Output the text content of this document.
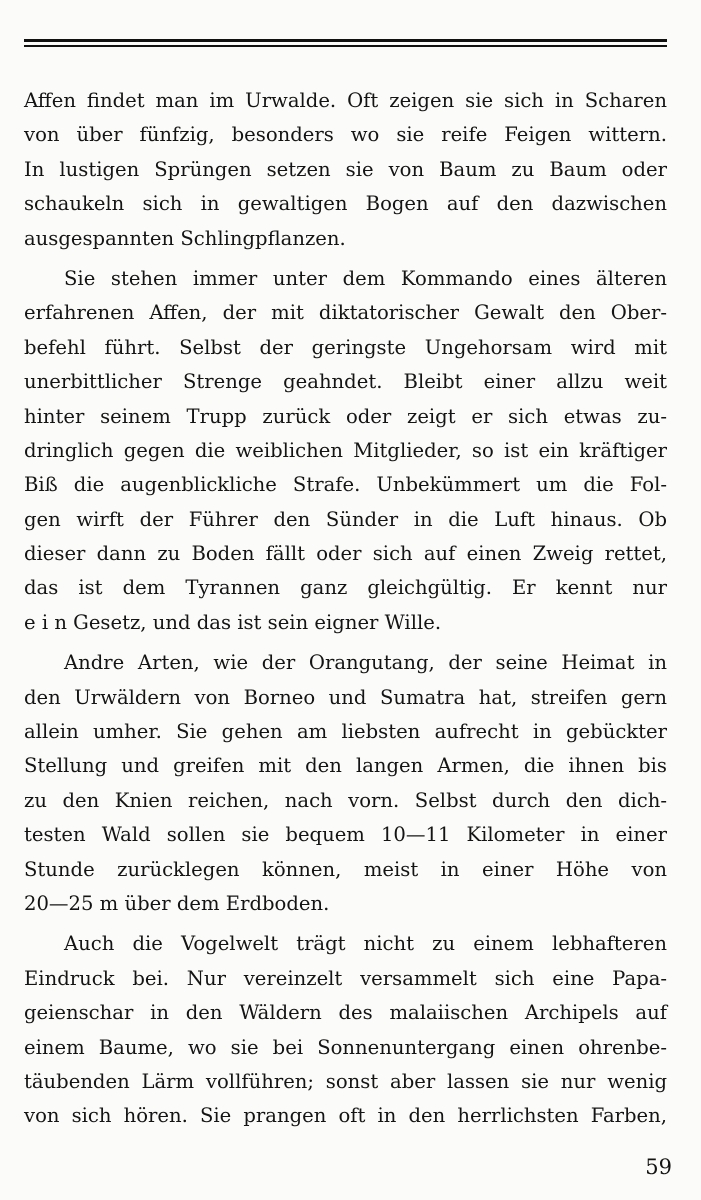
Affen findet man im Urwalde. Oft zeigen sie sich in Scharen
von über fünfzig, besonders wo sie reife Feigen wittern.
In lustigen Sprüngen setzen sie von Baum zu Baum oder
schaukeln sich in gewaltigen Bogen auf den dazwischen
ausgespannten Schlingpflanzen.
Sie stehen immer unter dem Kommando eines älteren
erfahrenen Affen, der mit diktatorischer Gewalt den Ober-
befehl führt. Selbst der geringste Ungehorsam wird mit
unerbittlicher Strenge geahndet. Bleibt einer allzu weit
hinter seinem Trupp zurück oder zeigt er sich etwas zu-
dringlich gegen die weiblichen Mitglieder, so ist ein kräftiger
Biß die augenblickliche Strafe. Unbekümmert um die Fol-
gen wirft der Führer den Sünder in die Luft hinaus. Ob
dieser dann zu Boden fällt oder sich auf einen Zweig rettet,
das ist dem Tyrannen ganz gleichgültig. Er kennt nur
e i n Gesetz, und das ist sein eigner Wille.
Andre Arten, wie der Orangutang, der seine Heimat in
den Urwäldern von Borneo und Sumatra hat, streifen gern
allein umher. Sie gehen am liebsten aufrecht in gebückter
Stellung und greifen mit den langen Armen, die ihnen bis
zu den Knien reichen, nach vorn. Selbst durch den dich-
testen Wald sollen sie bequem 10—11 Kilometer in einer
Stunde zurücklegen können, meist in einer Höhe von
20—25 m über dem Erdboden.
Auch die Vogelwelt trägt nicht zu einem lebhafteren
Eindruck bei. Nur vereinzelt versammelt sich eine Papa-
geienschar in den Wäldern des malaiischen Archipels auf
einem Baume, wo sie bei Sonnenuntergang einen ohrenbe-
täubenden Lärm vollführen; sonst aber lassen sie nur wenig
von sich hören. Sie prangen oft in den herrlichsten Farben,
59
